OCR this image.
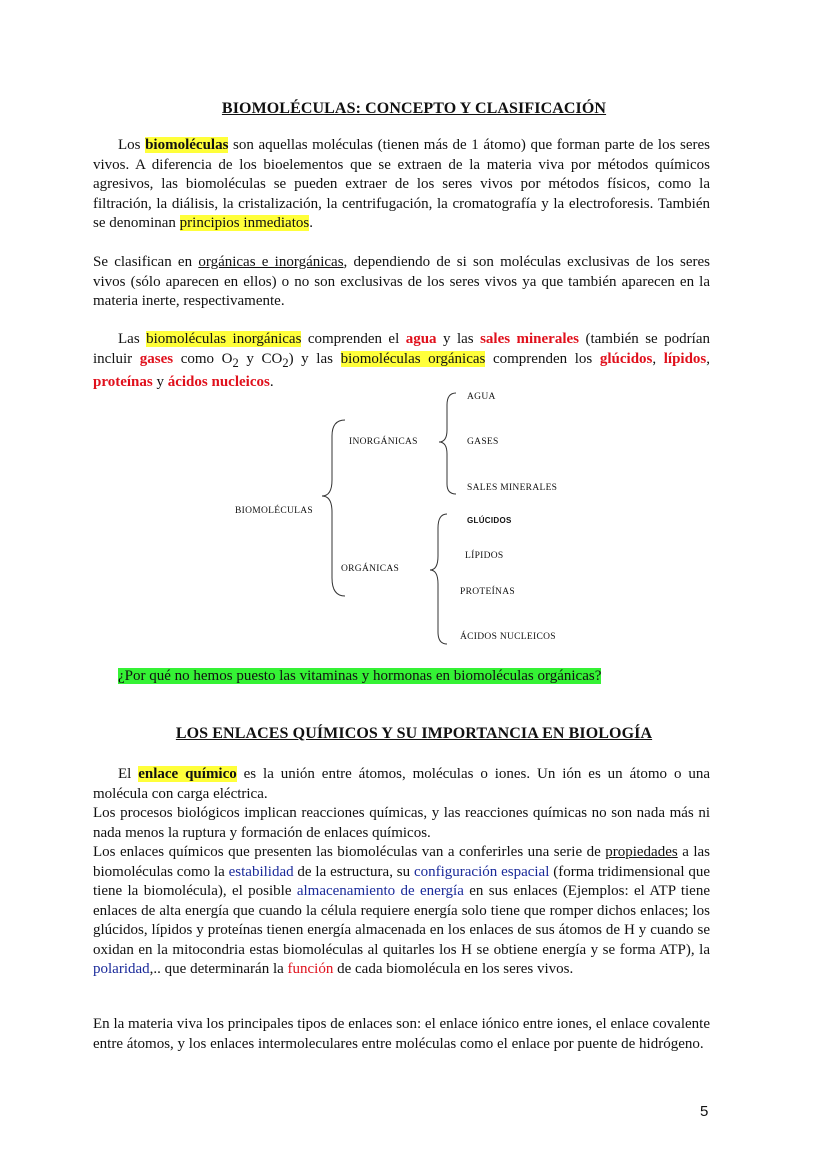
BIOMOLÉCULAS: CONCEPTO Y CLASIFICACIÓN

Los biomoléculas son aquellas moléculas (tienen más de 1 átomo) que forman parte de los seres vivos. A diferencia de los bioelementos que se extraen de la materia viva por métodos químicos agresivos, las biomoléculas se pueden extraer de los seres vivos por métodos físicos, como la filtración, la diálisis, la cristalización, la centrifugación, la cromatografía y la electroforesis. También se denominan principios inmediatos.

Se clasifican en orgánicas e inorgánicas, dependiendo de si son moléculas exclusivas de los seres vivos (sólo aparecen en ellos) o no son exclusivas de los seres vivos ya que también aparecen en la materia inerte, respectivamente.

Las biomoléculas inorgánicas comprenden el agua y las sales minerales (también se podrían incluir gases como $O_2$ y $CO_2$) y las biomoléculas orgánicas comprenden los glúcidos, lípidos, proteínas y ácidos nucleicos.

BIOMOLÉCULAS
INORGÁNICAS
ORGÁNICAS
AGUA
GASES
SALES MINERALES
GLÚCIDOS
LÍPIDOS
PROTEÍNAS
ÁCIDOS NUCLEICOS
¿Por qué no hemos puesto las vitaminas y hormonas en biomoléculas orgánicas?
LOS ENLACES QUÍMICOS Y SU IMPORTANCIA EN BIOLOGÍA

El enlace químico es la unión entre átomos, moléculas o iones. Un ión es un átomo o una molécula con carga eléctrica.

Los procesos biológicos implican reacciones químicas, y las reacciones químicas no son nada más ni nada menos la ruptura y formación de enlaces químicos.

Los enlaces químicos que presenten las biomoléculas van a conferirles una serie de propiedades a las biomoléculas como la estabilidad de la estructura, su configuración espacial (forma tridimensional que tiene la biomolécula), el posible almacenamiento de energía en sus enlaces (Ejemplos: el ATP tiene enlaces de alta energía que cuando la célula requiere energía solo tiene que romper dichos enlaces; los glúcidos, lípidos y proteínas tienen energía almacenada en los enlaces de sus átomos de H y cuando se oxidan en la mitocondria estas biomoléculas al quitarles los H se obtiene energía y se forma ATP), la polaridad,.. que determinarán la función de cada biomolécula en los seres vivos.

En la materia viva los principales tipos de enlaces son: el enlace iónico entre iones, el enlace covalente entre átomos, y los enlaces intermoleculares entre moléculas como el enlace por puente de hidrógeno.

5
